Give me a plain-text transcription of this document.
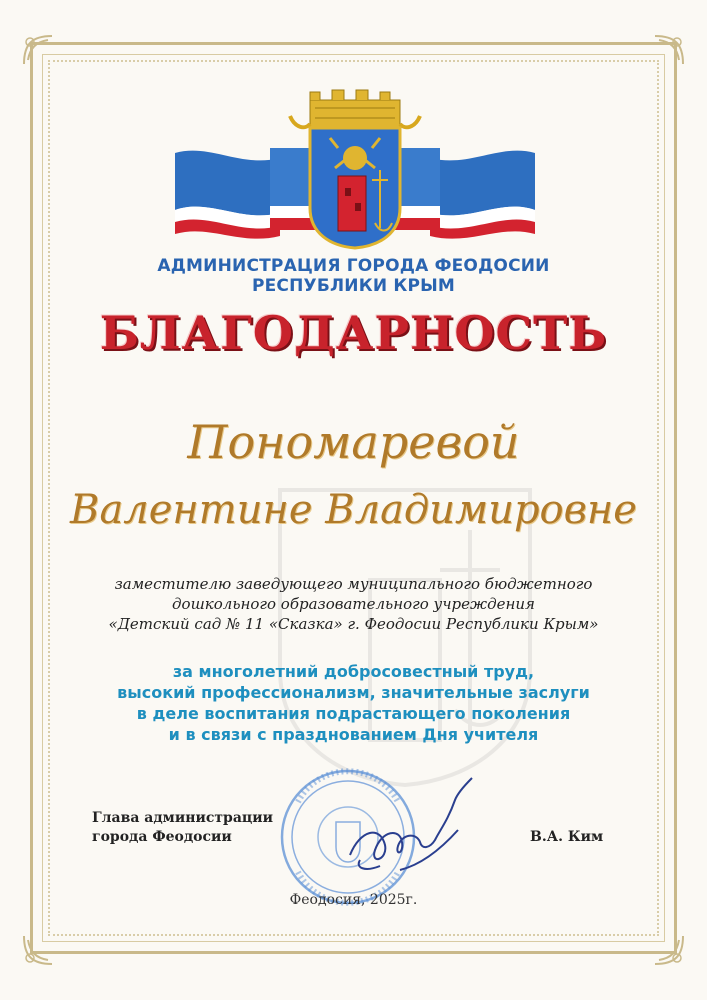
АДМИНИСТРАЦИЯ ГОРОДА ФЕОДОСИИ
РЕСПУБЛИКИ КРЫМ
БЛАГОДАРНОСТЬ
Пономаревой
Валентине Владимировне
заместителю заведующего муниципального бюджетного
дошкольного образовательного учреждения
«Детский сад № 11 «Сказка» г. Феодосии Республики Крым»
за многолетний добросовестный труд,
высокий профессионализм, значительные заслуги
в деле воспитания подрастающего поколения
и в связи с празднованием Дня учителя
Глава администрации
города Феодосии	В.А. Ким
Феодосия, 2025г.
